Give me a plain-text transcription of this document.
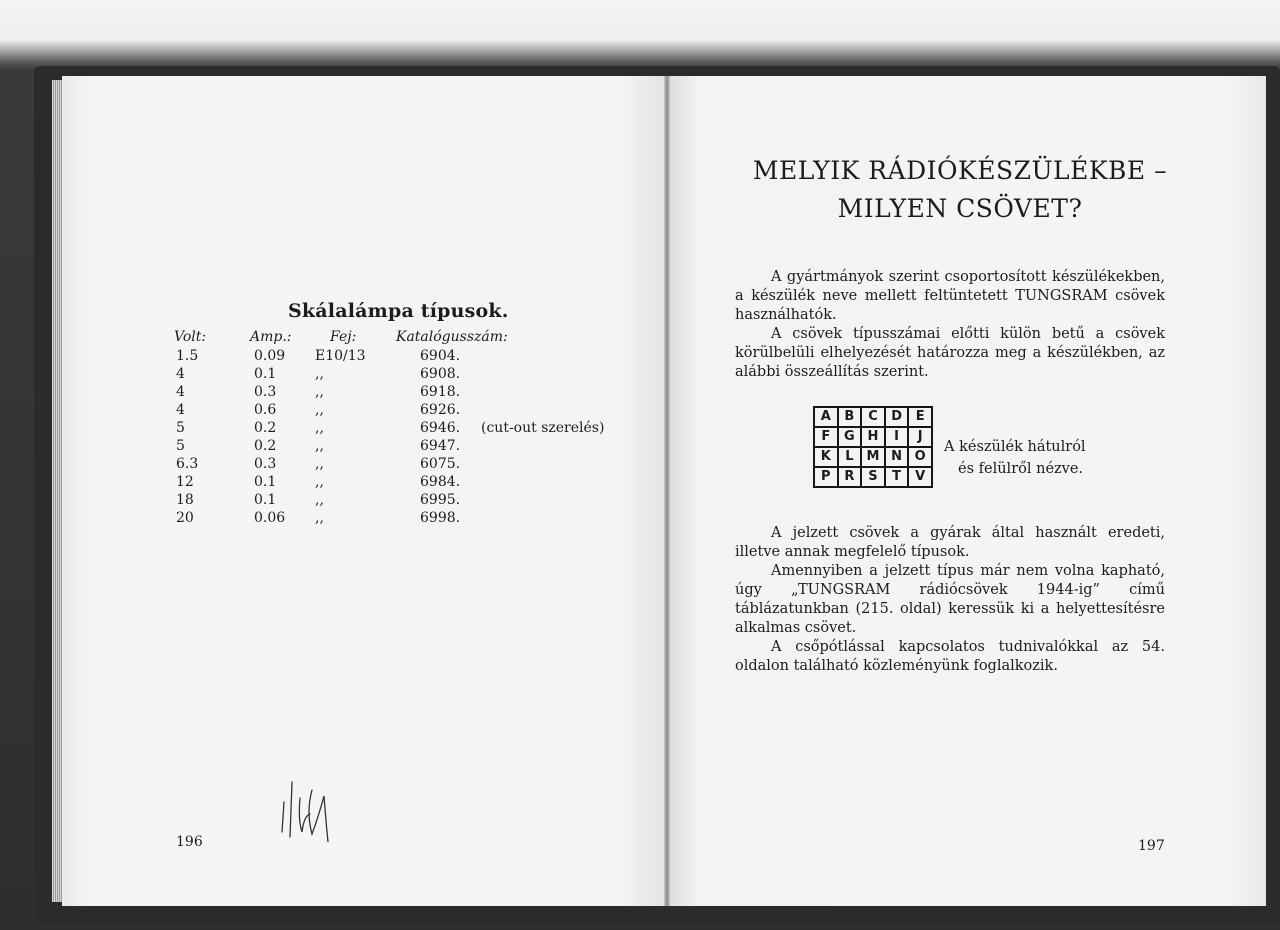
Skálalámpa típusok.
Volt:	Amp.:	Fej:	Katalógusszám:
1.5	0.09 E10/13	6904.
4	0.1	,,	6908.
4	0.3	,,	6918.
4	0.6	,,	6926.
5	0.2	,,	6946. (cut-out szerelés)
5	0.2	,,	6947.
6.3	0.3	,,	6075.
12	0.1	,,	6984.
18	0.1	,,	6995.
20	0.06 ,,	6998.
196
MELYIK RÁDIÓKÉSZÜLÉKBE –
MILYEN CSÖVET?

A gyártmányok szerint csoportosított készülékekben, a készülék neve mellett feltüntetett TUNGSRAM csövek használhatók.

A csövek típusszámai előtti külön betű a csövek körülbelüli elhelyezését határozza meg a készülékben, az alábbi összeállítás szerint.

A	B	C	D	E
F	G H	I	J
K	L M N O
P	R	S	T	V
A készülék hátulról
és felülről nézve.

A jelzett csövek a gyárak által használt eredeti, illetve annak megfelelő típusok.

Amennyiben a jelzett típus már nem volna kapható, úgy „TUNGSRAM rádiócsövek 1944-ig” című táblázatunkban (215. oldal) keressük ki a helyettesítésre alkalmas csövet.

A csőpótlással kapcsolatos tudnivalókkal az 54. oldalon található közleményünk foglalkozik.

197
